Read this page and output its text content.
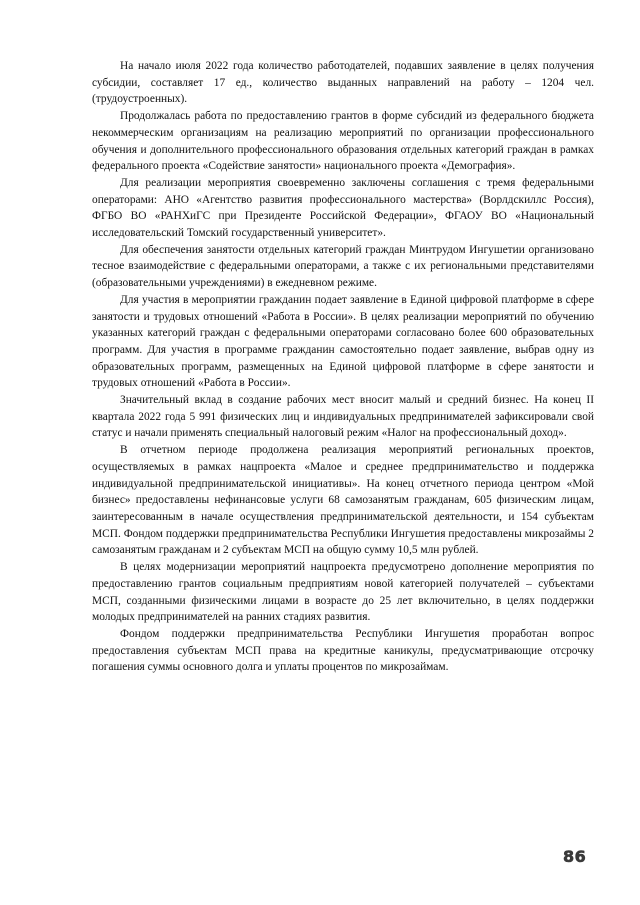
На начало июля 2022 года количество работодателей, подавших заявление в целях получения субсидии, составляет 17 ед., количество выданных направлений на работу – 1204 чел. (трудоустроенных).

Продолжалась работа по предоставлению грантов в форме субсидий из федерального бюджета некоммерческим организациям на реализацию мероприятий по организации профессионального обучения и дополнительного профессионального образования отдельных категорий граждан в рамках федерального проекта «Содействие занятости» национального проекта «Демография».

Для реализации мероприятия своевременно заключены соглашения с тремя федеральными операторами: АНО «Агентство развития профессионального мастерства» (Ворлдскиллс Россия), ФГБО ВО «РАНХиГС при Президенте Российской Федерации», ФГАОУ ВО «Национальный исследовательский Томский государственный университет».

Для обеспечения занятости отдельных категорий граждан Минтрудом Ингушетии организовано тесное взаимодействие с федеральными операторами, а также с их региональными представителями (образовательными учреждениями) в ежедневном режиме.

Для участия в мероприятии гражданин подает заявление в Единой цифровой платформе в сфере занятости и трудовых отношений «Работа в России». В целях реализации мероприятий по обучению указанных категорий граждан с федеральными операторами согласовано более 600 образовательных программ. Для участия в программе гражданин самостоятельно подает заявление, выбрав одну из образовательных программ, размещенных на Единой цифровой платформе в сфере занятости и трудовых отношений «Работа в России».

Значительный вклад в создание рабочих мест вносит малый и средний бизнес. На конец II квартала 2022 года 5 991 физических лиц и индивидуальных предпринимателей зафиксировали свой статус и начали применять специальный налоговый режим «Налог на профессиональный доход».

В отчетном периоде продолжена реализация мероприятий региональных проектов, осуществляемых в рамках нацпроекта «Малое и среднее предпринимательство и поддержка индивидуальной предпринимательской инициативы». На конец отчетного периода центром «Мой бизнес» предоставлены нефинансовые услуги 68 самозанятым гражданам, 605 физическим лицам, заинтересованным в начале осуществления предпринимательской деятельности, и 154 субъектам МСП. Фондом поддержки предпринимательства Республики Ингушетия предоставлены микрозаймы 2 самозанятым гражданам и 2 субъектам МСП на общую сумму 10,5 млн рублей.

В целях модернизации мероприятий нацпроекта предусмотрено дополнение мероприятия по предоставлению грантов социальным предприятиям новой категорией получателей – субъектами МСП, созданными физическими лицами в возрасте до 25 лет включительно, в целях поддержки молодых предпринимателей на ранних стадиях развития.

Фондом поддержки предпринимательства Республики Ингушетия проработан вопрос предоставления субъектам МСП права на кредитные каникулы, предусматривающие отсрочку погашения суммы основного долга и уплаты процентов по микрозаймам.

86
